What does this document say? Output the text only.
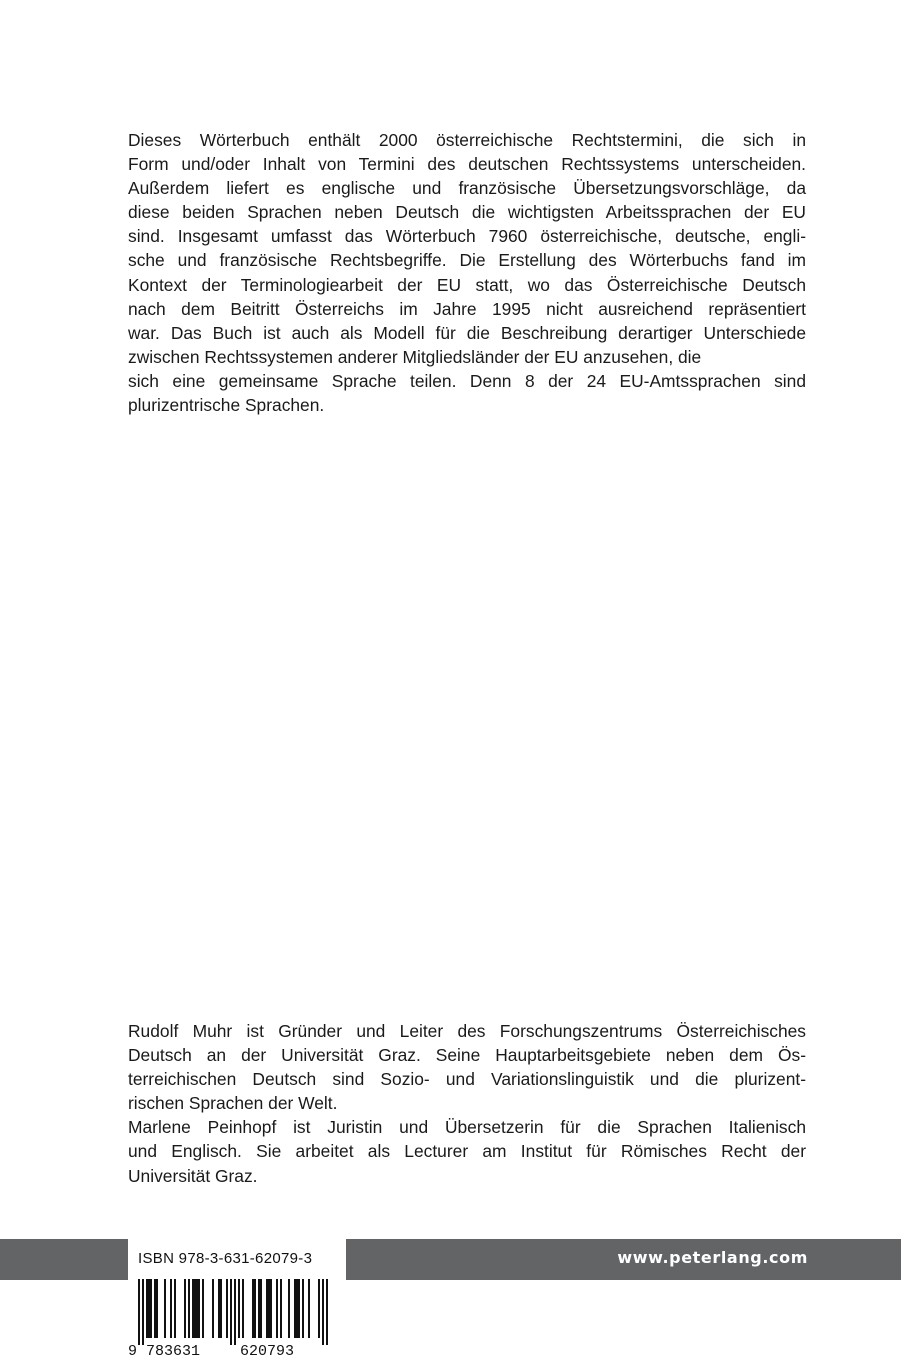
Dieses Wörterbuch enthält 2000 österreichische Rechtstermini, die sich in
Form und/oder Inhalt von Termini des deutschen Rechtssystems unterscheiden.
Außerdem liefert es englische und französische Übersetzungsvorschläge, da
diese beiden Sprachen neben Deutsch die wichtigsten Arbeitssprachen der EU
sind. Insgesamt umfasst das Wörterbuch 7960 österreichische, deutsche, engli-
sche und französische Rechtsbegriffe. Die Erstellung des Wörterbuchs fand im
Kontext der Terminologiearbeit der EU statt, wo das Österreichische Deutsch
nach dem Beitritt Österreichs im Jahre 1995 nicht ausreichend repräsentiert
war. Das Buch ist auch als Modell für die Beschreibung derartiger Unterschiede
zwischen Rechtssystemen anderer Mitgliedsländer der EU anzusehen, die
sich eine gemeinsame Sprache teilen. Denn 8 der 24 EU-Amtssprachen sind
plurizentrische Sprachen.
Rudolf Muhr ist Gründer und Leiter des Forschungszentrums Österreichisches
Deutsch an der Universität Graz. Seine Hauptarbeitsgebiete neben dem Ös-
terreichischen Deutsch sind Sozio- und Variationslinguistik und die plurizent-
rischen Sprachen der Welt.
Marlene Peinhopf ist Juristin und Übersetzerin für die Sprachen Italienisch
und Englisch. Sie arbeitet als Lecturer am Institut für Römisches Recht der
Universität Graz.
ISBN 978-3-631-62079-3
9 783631	620793
www.peterlang.com
